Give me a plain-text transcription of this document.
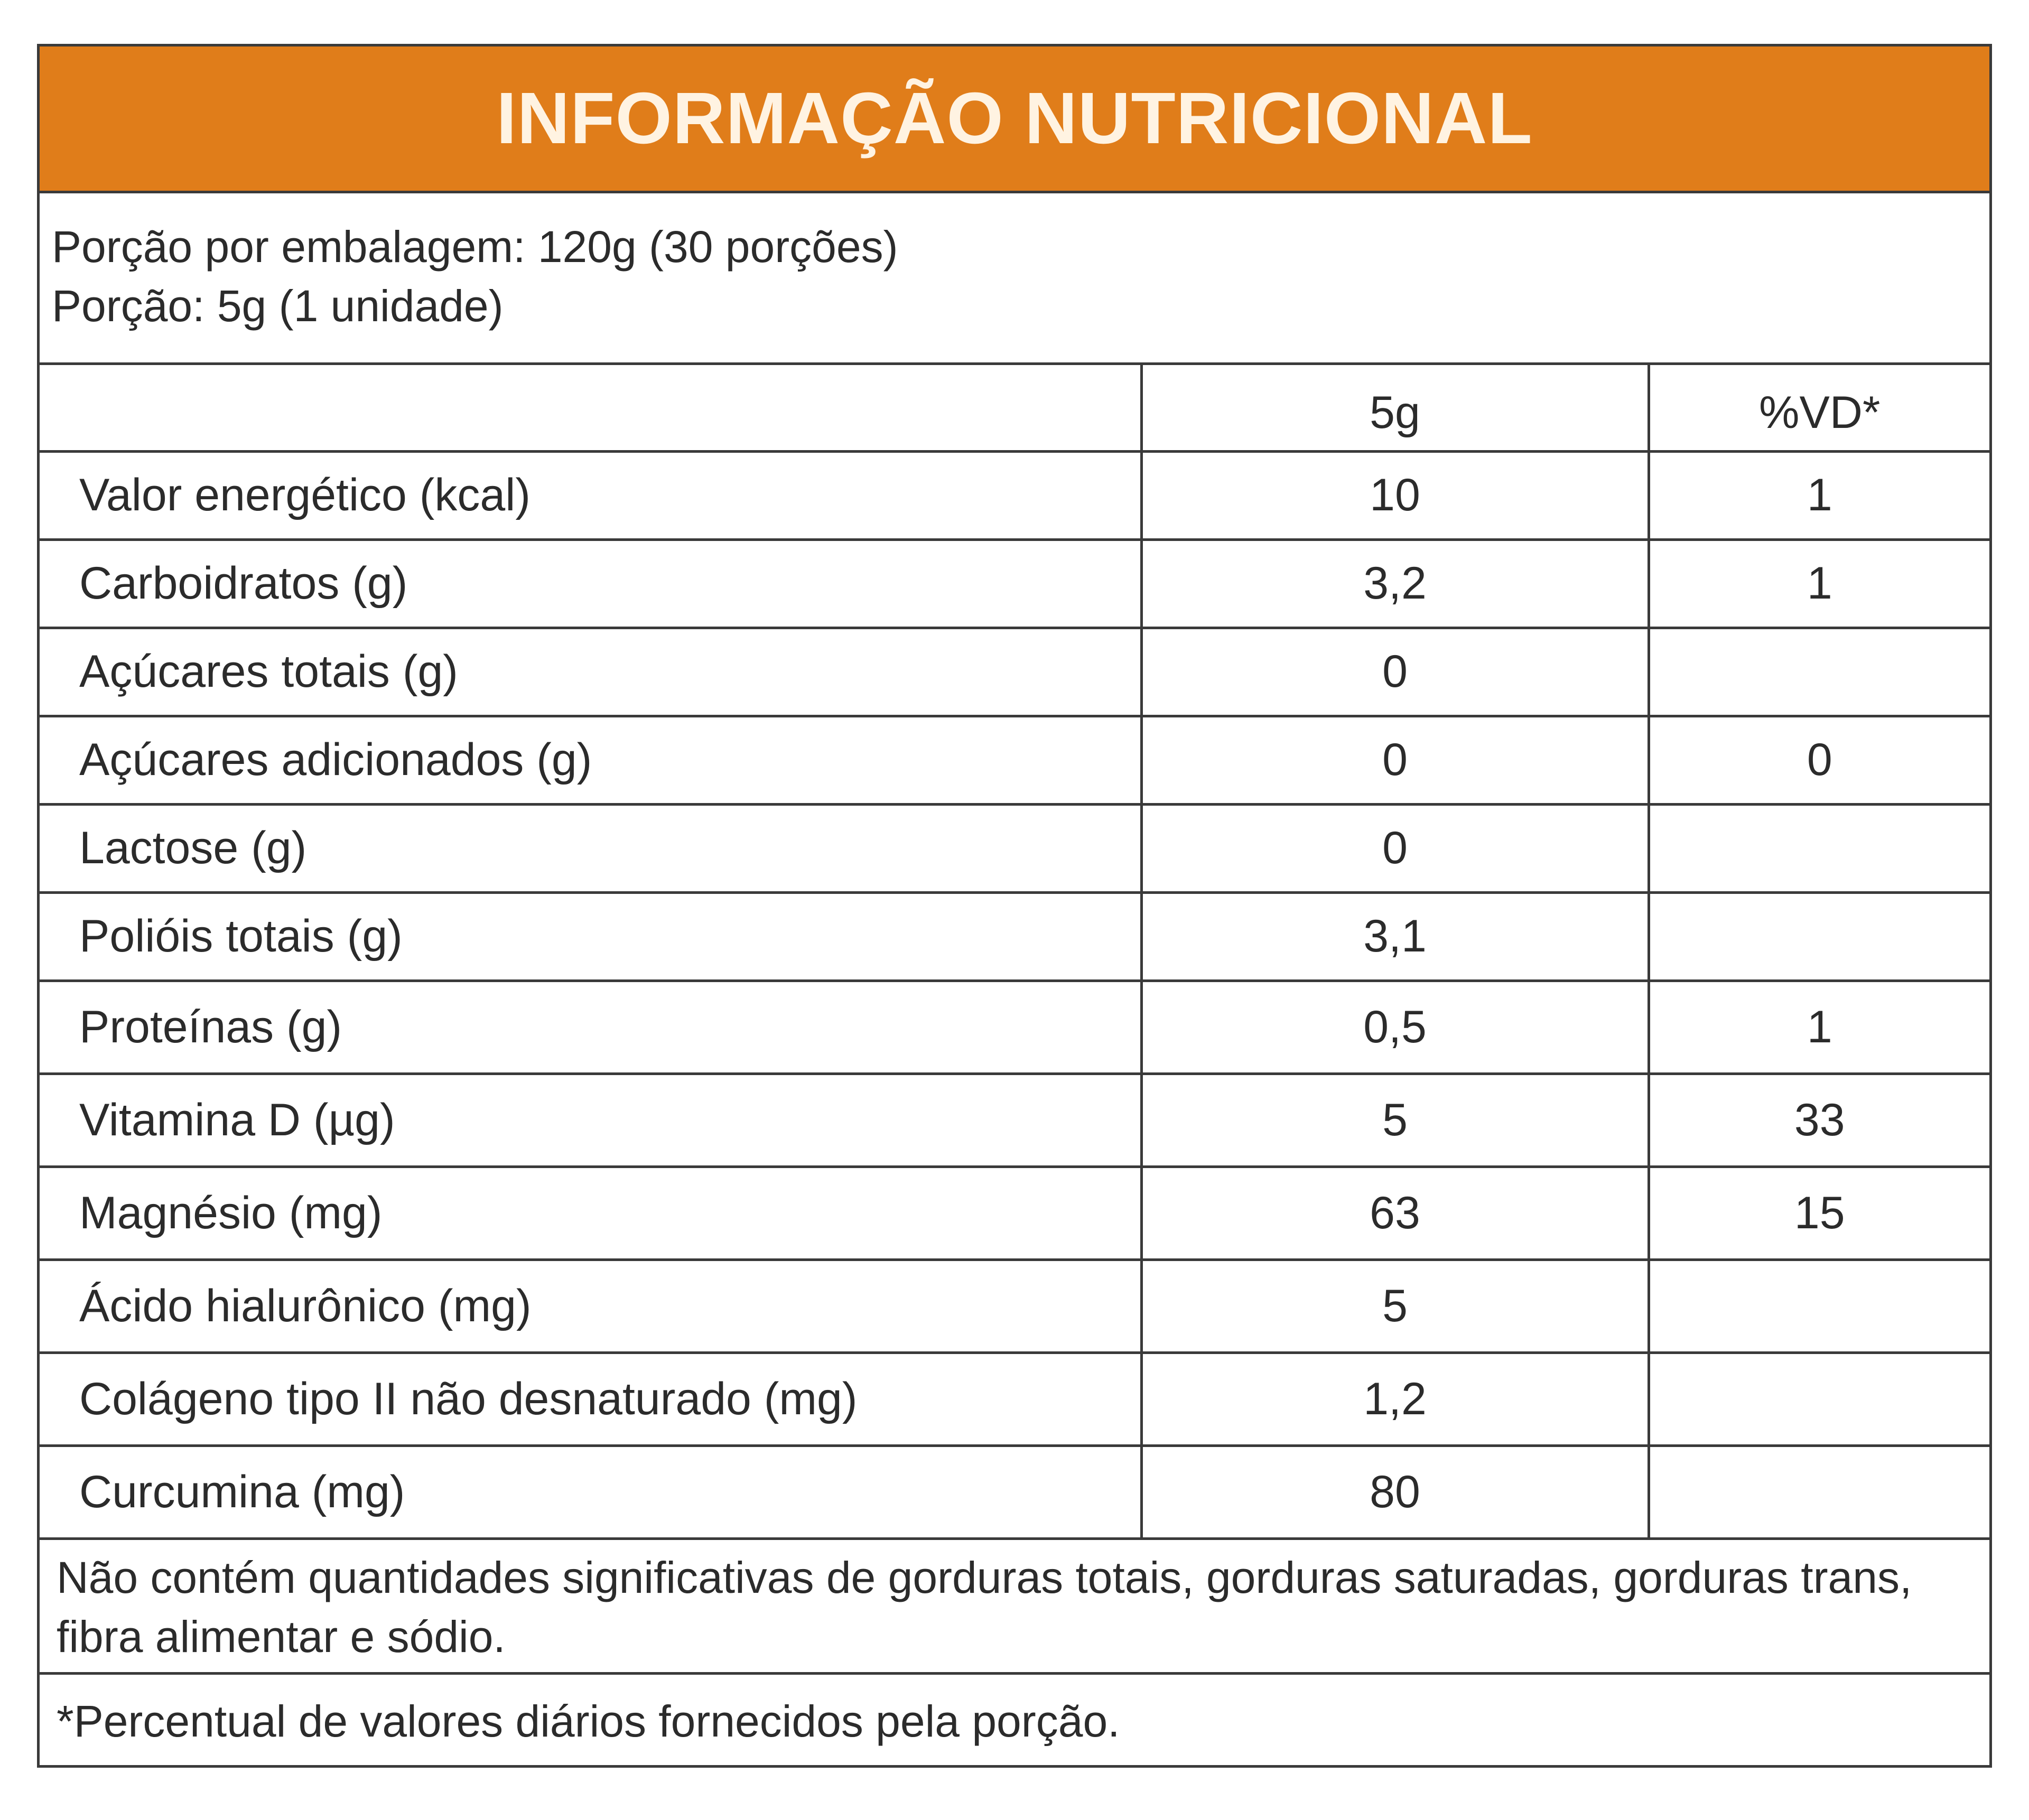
INFORMAÇÃO NUTRICIONAL
Porção por embalagem: 120g (30 porções)
Porção: 5g (1 unidade)
	5g	%VD*
Valor energético (kcal)	10	1
Carboidratos (g)	3,2	1
Açúcares totais (g)	0	
Açúcares adicionados (g)	0	0
Lactose (g)	0	
Polióis totais (g)	3,1	
Proteínas (g)	0,5	1
Vitamina D (µg)	5	33
Magnésio (mg)	63	15
Ácido hialurônico (mg)	5	
Colágeno tipo II não desnaturado (mg)	1,2	
Curcumina (mg)	80	
Não contém quantidades significativas de gorduras totais, gorduras saturadas, gorduras trans,
fibra alimentar e sódio.
*Percentual de valores diários fornecidos pela porção.
